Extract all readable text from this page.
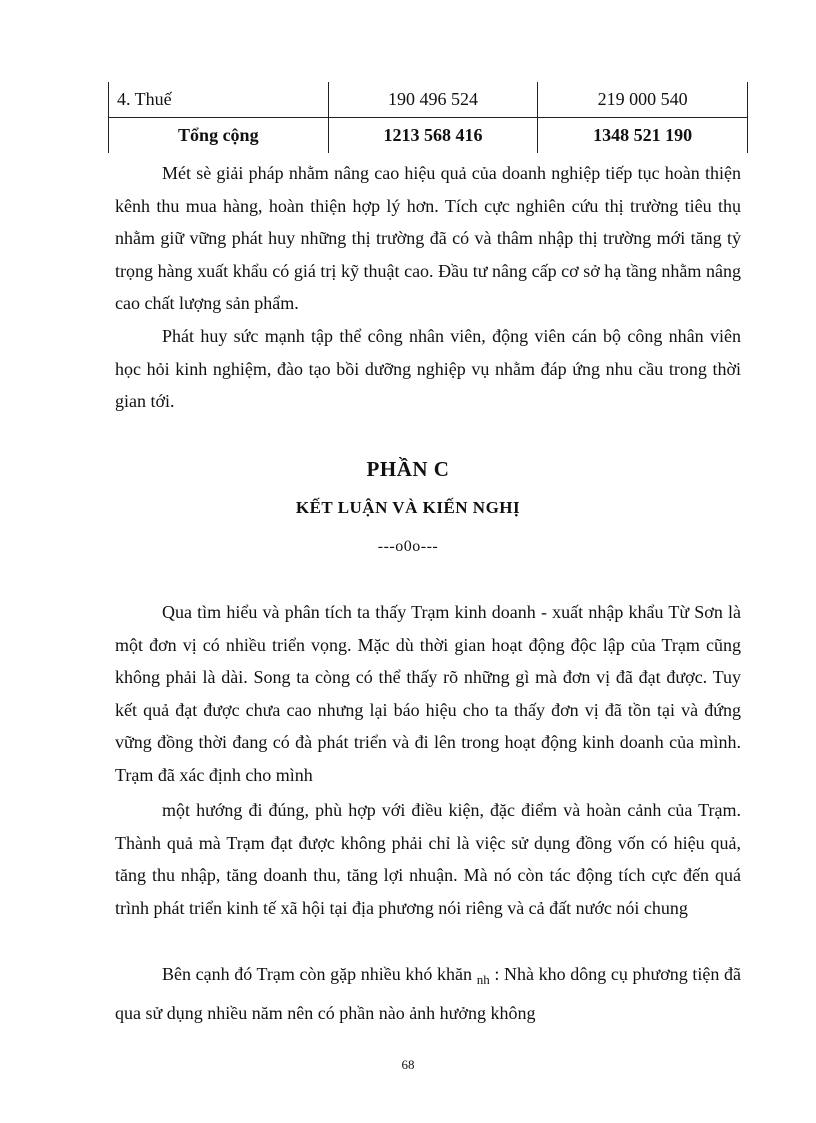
4. Thuế	190 496 524	219 000 540
Tổng cộng	1213 568 416	1348 521 190

Mét sè giải pháp nhằm nâng cao hiệu quả của doanh nghiệp tiếp tục hoàn thiện kênh thu mua hàng, hoàn thiện hợp lý hơn. Tích cực nghiên cứu thị trường tiêu thụ nhằm giữ vững phát huy những thị trường đã có và thâm nhập thị trường mới tăng tỷ trọng hàng xuất khẩu có giá trị kỹ thuật cao. Đầu tư nâng cấp cơ sở hạ tầng nhằm nâng cao chất lượng sản phẩm.

Phát huy sức mạnh tập thể công nhân viên, động viên cán bộ công nhân viên học hỏi kinh nghiệm, đào tạo bồi dưỡng nghiệp vụ nhằm đáp ứng nhu cầu trong thời gian tới.

PHẦN C
KẾT LUẬN VÀ KIẾN NGHỊ
---o0o---

Qua tìm hiểu và phân tích ta thấy Trạm kinh doanh - xuất nhập khẩu Từ Sơn là một đơn vị có nhiều triển vọng. Mặc dù thời gian hoạt động độc lập của Trạm cũng không phải là dài. Song ta còng có thể thấy rõ những gì mà đơn vị đã đạt được. Tuy kết quả đạt được chưa cao nhưng lại báo hiệu cho ta thấy đơn vị đã tồn tại và đứng vững đồng thời đang có đà phát triển và đi lên trong hoạt động kinh doanh của mình. Trạm đã xác định cho mình

một hướng đi đúng, phù hợp với điều kiện, đặc điểm và hoàn cảnh của Trạm. Thành quả mà Trạm đạt được không phải chỉ là việc sử dụng đồng vốn có hiệu quả, tăng thu nhập, tăng doanh thu, tăng lợi nhuận. Mà nó còn tác động tích cực đến quá trình phát triển kinh tế xã hội tại địa phương nói riêng và cả đất nước nói chung

Bên cạnh đó Trạm còn gặp nhiều khó khăn $_{nh}$ : Nhà kho dông cụ phương tiện đã qua sử dụng nhiều năm nên có phần nào ảnh hưởng không

68
